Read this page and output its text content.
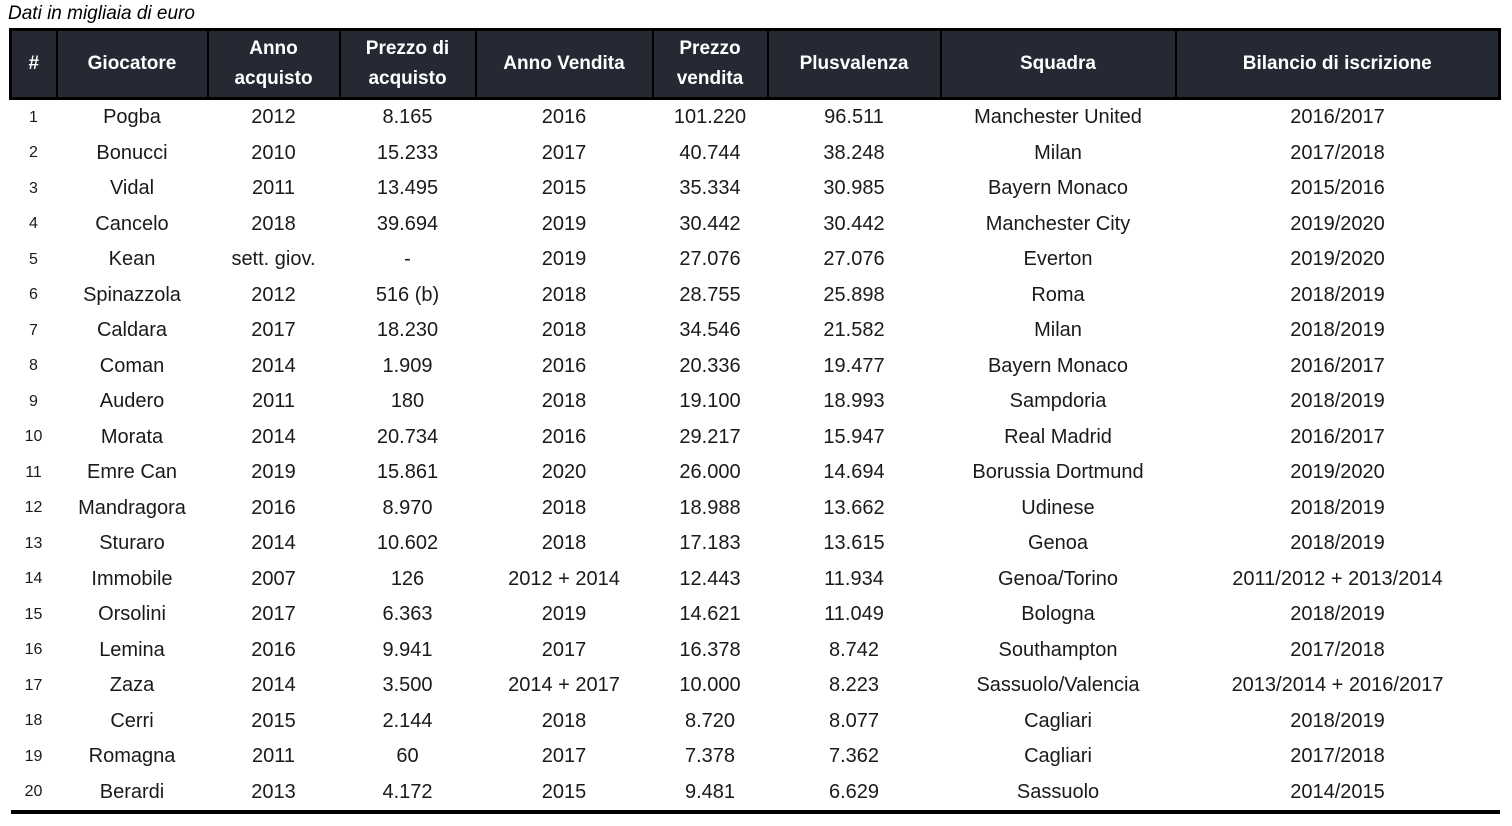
Dati in migliaia di euro
#	Giocatore	Anno acquisto	Prezzo di acquisto	Anno Vendita	Prezzo vendita	Plusvalenza	Squadra	Bilancio di iscrizione
1	Pogba	2012	8.165	2016	101.220	96.511	Manchester United	2016/2017
2	Bonucci	2010	15.233	2017	40.744	38.248	Milan	2017/2018
3	Vidal	2011	13.495	2015	35.334	30.985	Bayern Monaco	2015/2016
4	Cancelo	2018	39.694	2019	30.442	30.442	Manchester City	2019/2020
5	Kean	sett. giov.	-	2019	27.076	27.076	Everton	2019/2020
6	Spinazzola	2012	516 (b)	2018	28.755	25.898	Roma	2018/2019
7	Caldara	2017	18.230	2018	34.546	21.582	Milan	2018/2019
8	Coman	2014	1.909	2016	20.336	19.477	Bayern Monaco	2016/2017
9	Audero	2011	180	2018	19.100	18.993	Sampdoria	2018/2019
10	Morata	2014	20.734	2016	29.217	15.947	Real Madrid	2016/2017
11	Emre Can	2019	15.861	2020	26.000	14.694	Borussia Dortmund	2019/2020
12	Mandragora	2016	8.970	2018	18.988	13.662	Udinese	2018/2019
13	Sturaro	2014	10.602	2018	17.183	13.615	Genoa	2018/2019
14	Immobile	2007	126	2012 + 2014	12.443	11.934	Genoa/Torino	2011/2012 + 2013/2014
15	Orsolini	2017	6.363	2019	14.621	11.049	Bologna	2018/2019
16	Lemina	2016	9.941	2017	16.378	8.742	Southampton	2017/2018
17	Zaza	2014	3.500	2014 + 2017	10.000	8.223	Sassuolo/Valencia	2013/2014 + 2016/2017
18	Cerri	2015	2.144	2018	8.720	8.077	Cagliari	2018/2019
19	Romagna	2011	60	2017	7.378	7.362	Cagliari	2017/2018
20	Berardi	2013	4.172	2015	9.481	6.629	Sassuolo	2014/2015
